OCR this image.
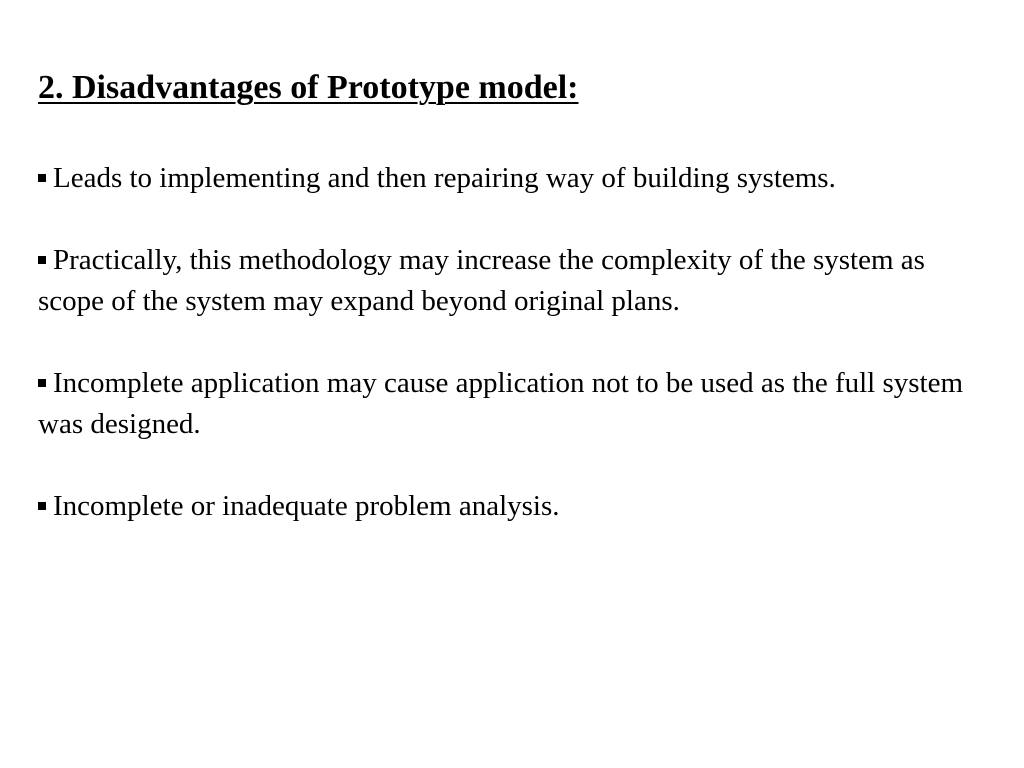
2. Disadvantages of Prototype model:
Leads to implementing and then repairing way of building systems.
Practically, this methodology may increase the complexity of the system as scope of the system may expand beyond original plans.
Incomplete application may cause application not to be used as the full system was designed.
Incomplete or inadequate problem analysis.
